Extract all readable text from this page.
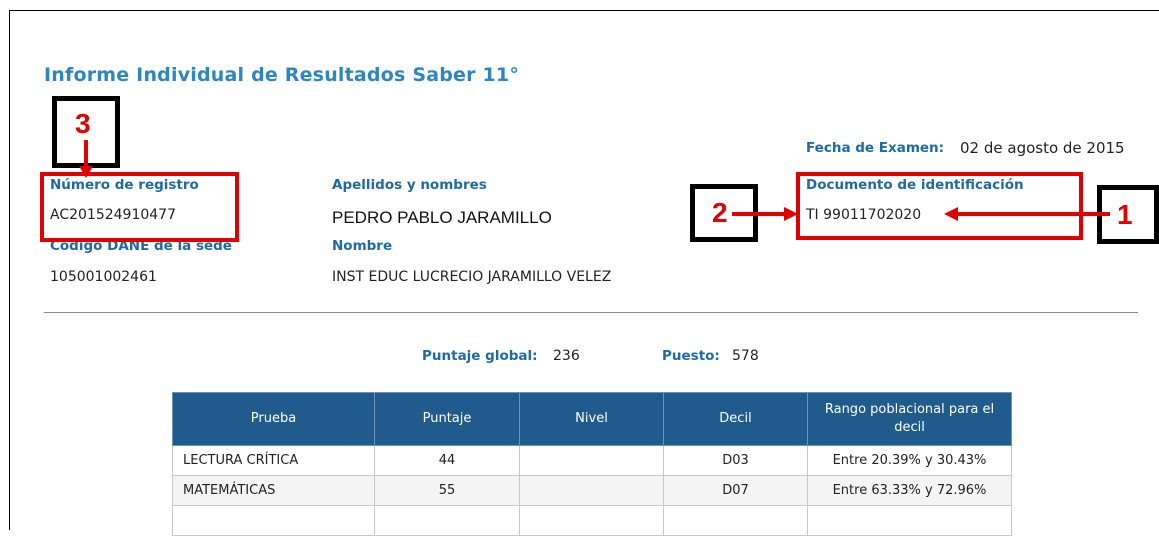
Informe Individual de Resultados Saber 11°
Fecha de Examen: 02 de agosto de 2015
Número de registro
AC201524910477
Apellidos y nombres
PEDRO PABLO JARAMILLO
Documento de identificación
TI 99011702020
Código DANE de la sede
105001002461
Nombre
INST EDUC LUCRECIO JARAMILLO VELEZ
Puntaje global: 236	Puesto: 578
Prueba	Puntaje	Nivel	Decil	Rango poblacional para el decil
LECTURA CRÍTICA	44		D03	Entre 20.39% y 30.43%
MATEMÁTICAS	55		D07	Entre 63.33% y 72.96%

3
2	1
